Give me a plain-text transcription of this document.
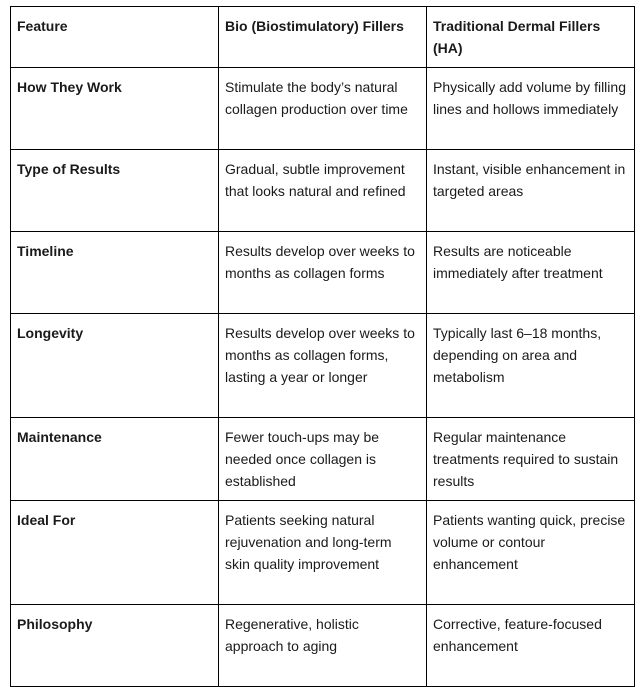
Feature	Bio (Biostimulatory) Fillers	Traditional Dermal Fillers (HA)
How They Work	Stimulate the body’s natural collagen production over time	Physically add volume by filling lines and hollows immediately
Type of Results	Gradual, subtle improvement that looks natural and refined	Instant, visible enhancement in targeted areas
Timeline	Results develop over weeks to months as collagen forms	Results are noticeable immediately after treatment
Longevity	Results develop over weeks to months as collagen forms, lasting a year or longer	Typically last 6–18 months, depending on area and metabolism
Maintenance	Fewer touch-ups may be needed once collagen is established	Regular maintenance treatments required to sustain results
Ideal For	Patients seeking natural rejuvenation and long-term skin quality improvement	Patients wanting quick, precise volume or contour enhancement
Philosophy	Regenerative, holistic approach to aging	Corrective, feature-focused enhancement
